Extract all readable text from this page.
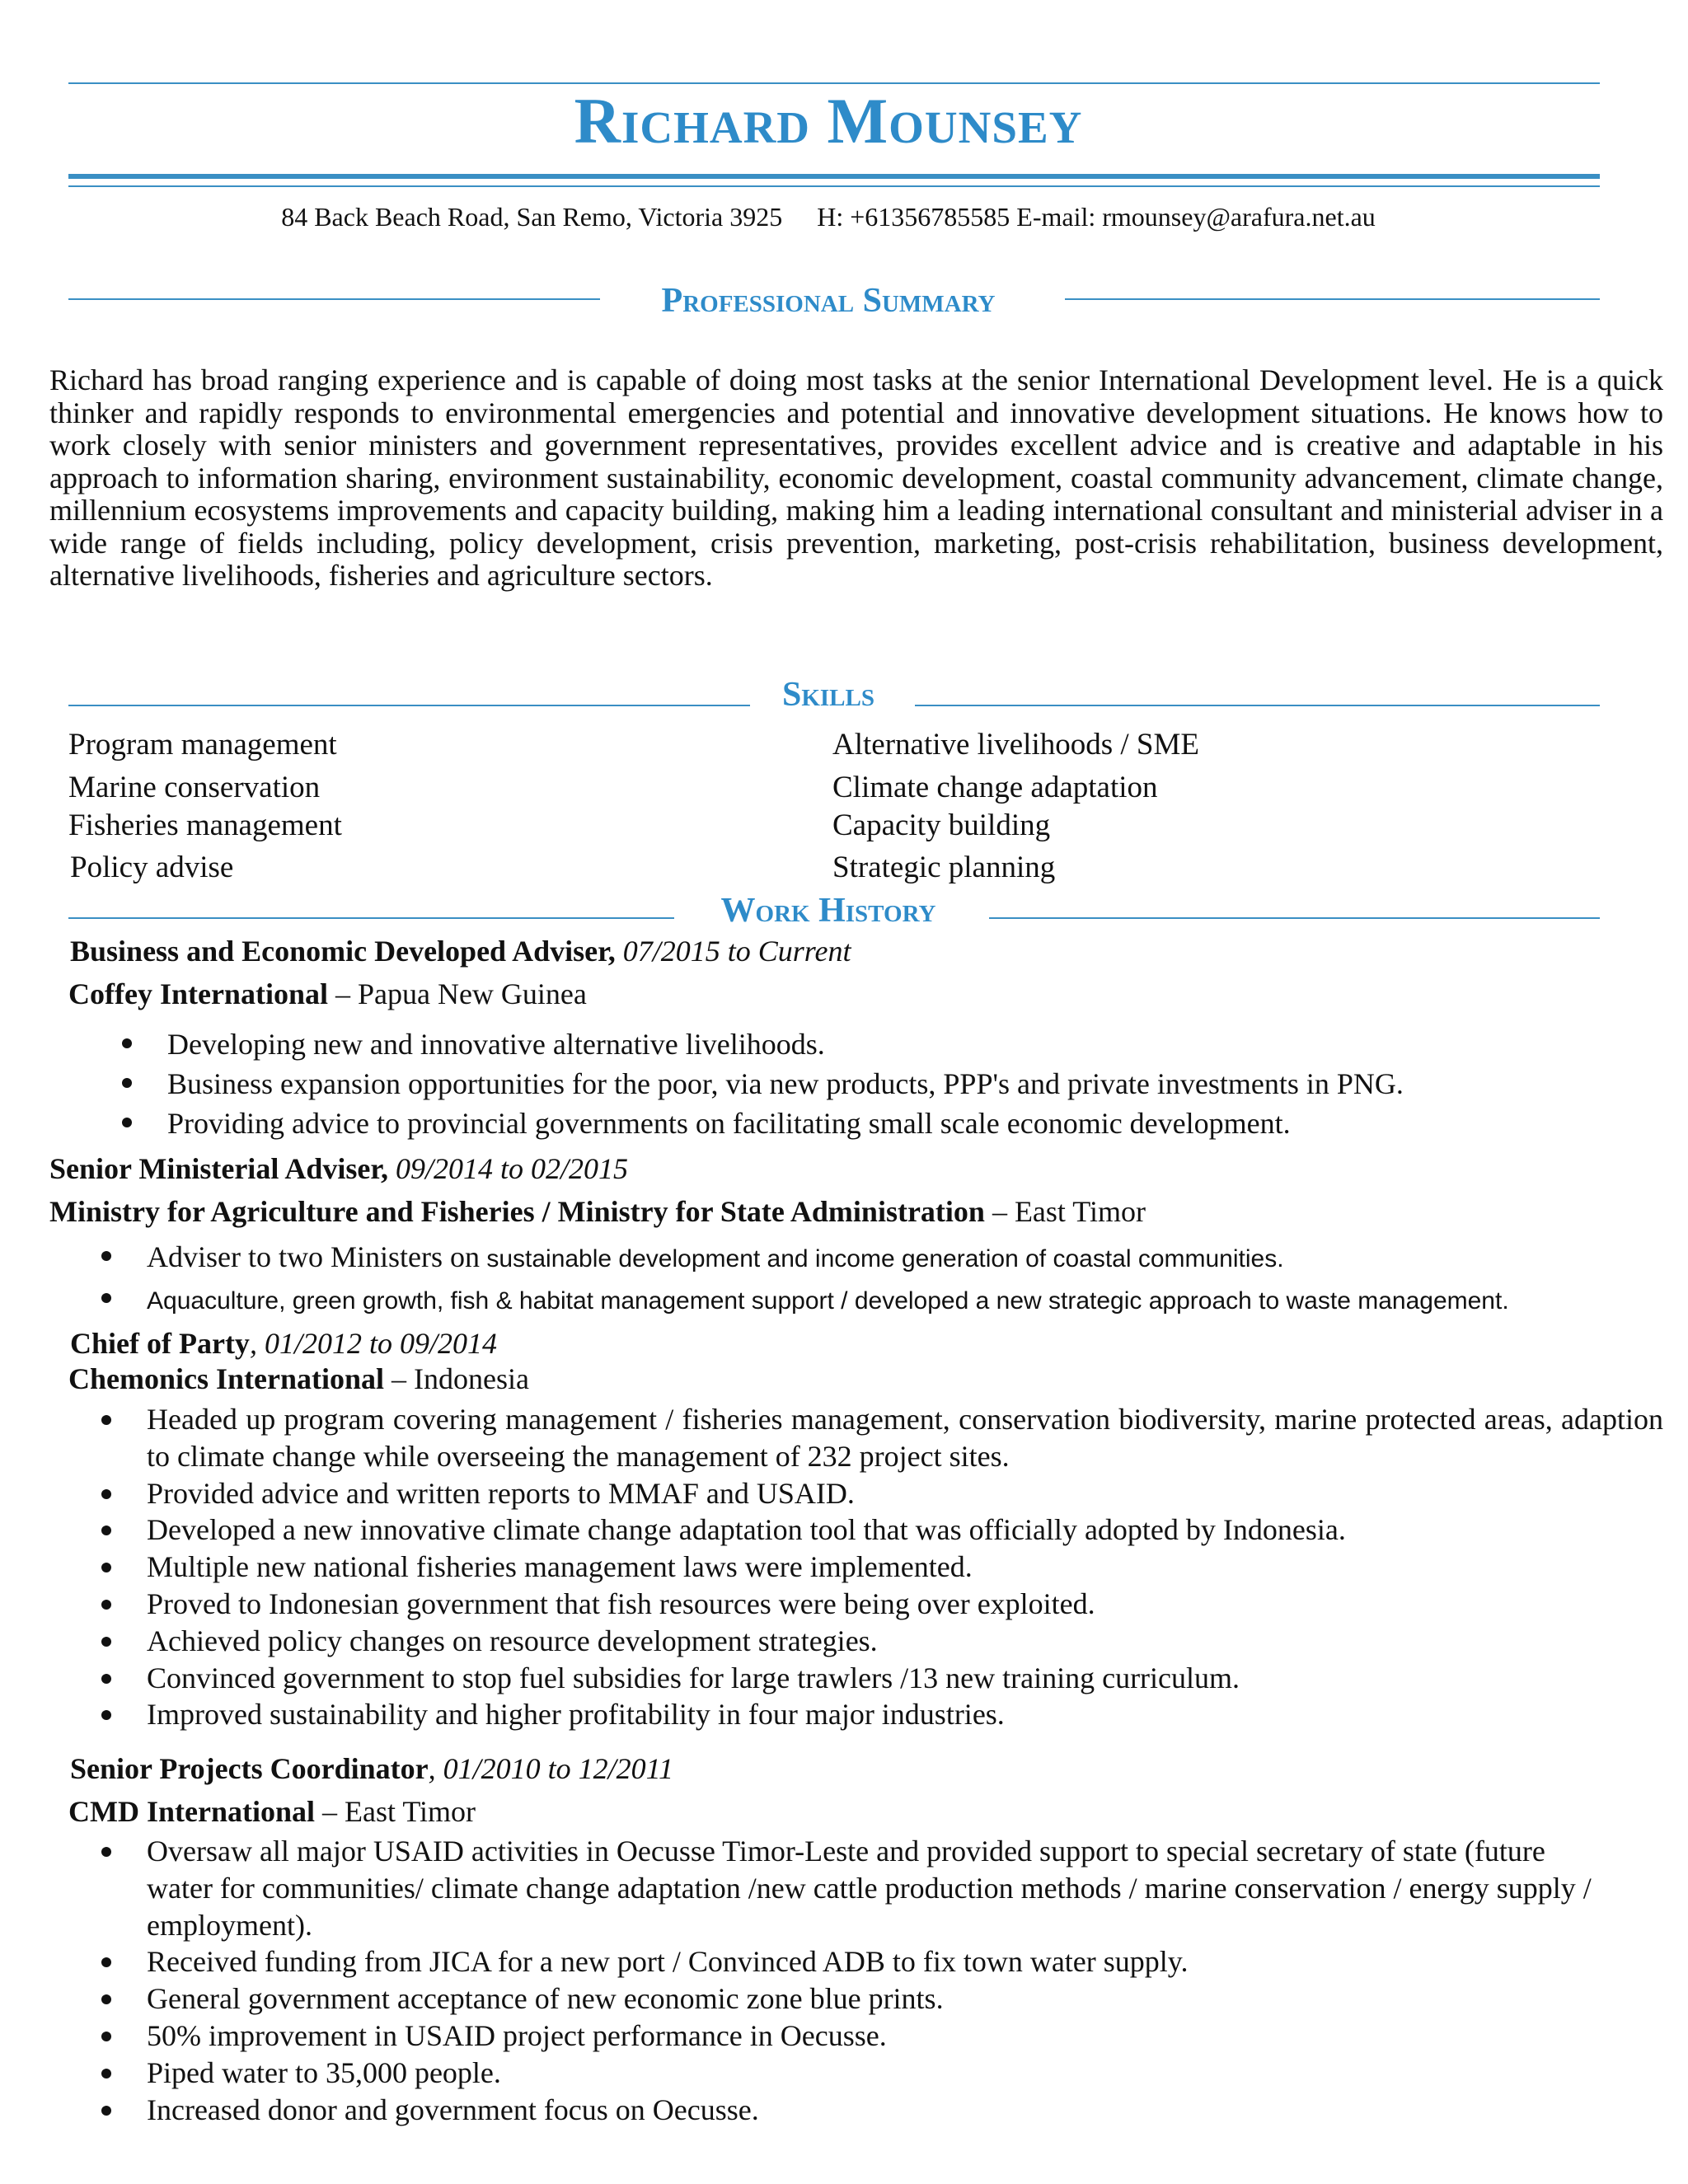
Richard Mounsey

84 Back Beach Road, San Remo, Victoria 3925 H: +61356785585 E-mail: rmounsey@arafura.net.au

Professional Summary

Richard has broad ranging experience and is capable of doing most tasks at the senior International Development level. He is a quick thinker and rapidly responds to environmental emergencies and potential and innovative development situations. He knows how to work closely with senior ministers and government representatives, provides excellent advice and is creative and adaptable in his approach to information sharing, environment sustainability, economic development, coastal community advancement, climate change, millennium ecosystems improvements and capacity building, making him a leading international consultant and ministerial adviser in a wide range of fields including, policy development, crisis prevention, marketing, post-crisis rehabilitation, business development, alternative livelihoods, fisheries and agriculture sectors.

Skills
Program management
Marine conservation
Fisheries management
Policy advise
Alternative livelihoods / SME
Climate change adaptation
Capacity building
Strategic planning
Work History
Business and Economic Developed Adviser, 07/2015 to Current
Coffey International – Papua New Guinea
Developing new and innovative alternative livelihoods.
Business expansion opportunities for the poor, via new products, PPP's and private investments in PNG.
Providing advice to provincial governments on facilitating small scale economic development.
Senior Ministerial Adviser, 09/2014 to 02/2015
Ministry for Agriculture and Fisheries / Ministry for State Administration – East Timor
Adviser to two Ministers on sustainable development and income generation of coastal communities.
Aquaculture, green growth, fish & habitat management support / developed a new strategic approach to waste management.
Chief of Party, 01/2012 to 09/2014
Chemonics International – Indonesia
Headed up program covering management / fisheries management, conservation biodiversity, marine protected areas, adaption to climate change while overseeing the management of 232 project sites.
Provided advice and written reports to MMAF and USAID.
Developed a new innovative climate change adaptation tool that was officially adopted by Indonesia.
Multiple new national fisheries management laws were implemented.
Proved to Indonesian government that fish resources were being over exploited.
Achieved policy changes on resource development strategies.
Convinced government to stop fuel subsidies for large trawlers /13 new training curriculum.
Improved sustainability and higher profitability in four major industries.
Senior Projects Coordinator, 01/2010 to 12/2011
CMD International – East Timor
Oversaw all major USAID activities in Oecusse Timor-Leste and provided support to special secretary of state (future water for communities/ climate change adaptation /new cattle production methods / marine conservation / energy supply / employment).
Received funding from JICA for a new port / Convinced ADB to fix town water supply.
General government acceptance of new economic zone blue prints.
50% improvement in USAID project performance in Oecusse.
Piped water to 35,000 people.
Increased donor and government focus on Oecusse.
